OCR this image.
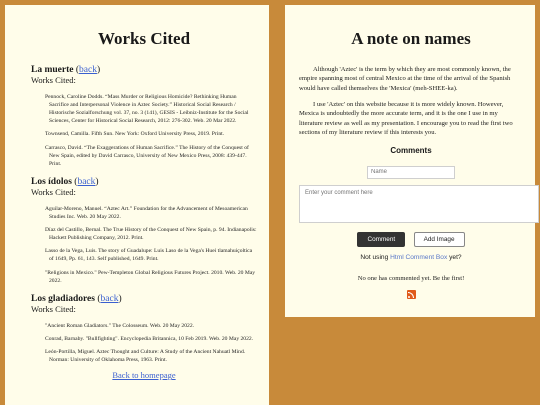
Works Cited
La muerte (back)
Works Cited:

Pennock, Caroline Dodds. “Mass Murder or Religious Homicide? Rethinking Human Sacrifice and Interpersonal Violence in Aztec Society.” Historical Social Research / Historische Sozialforschung vol. 37, no. 3 (141), GESIS - Leibniz-Institute for the Social Sciences, Center for Historical Social Research, 2012: 276-302. Web. 20 Mar 2022.

Townsend, Camilla. Fifth Sun. New York: Oxford University Press, 2019. Print.

Carrasco, David. “The Exaggerations of Human Sacrifice.” The History of the Conquest of New Spain, edited by David Carrasco, University of New Mexico Press, 2008: 439-447. Print.

Los ídolos (back)
Works Cited:

Aguilar-Moreno, Manuel. “Aztec Art.” Foundation for the Advancement of Mesoamerican Studies Inc. Web. 20 May 2022.

Díaz del Castillo, Bernal. The True History of the Conquest of New Spain, p. 94. Indianapolis: Hackett Publishing Company, 2012. Print.

Lasso de la Vega, Luis. The story of Guadalupe: Luis Laso de la Vega's Huei tlamahuiçoltica of 1649, Pp. 61, 143. Self published, 1649. Print.

"Religions in Mexico." Pew-Templeton Global Religious Futures Project. 2010. Web. 20 May 2022.

Los gladiadores (back)
Works Cited:

"Ancient Roman Gladiators." The Colosseum. Web. 20 May 2022.

Conrad, Barnaby. "Bullfighting". Encyclopedia Britannica, 10 Feb 2019. Web. 20 May 2022.

León-Portilla, Miguel. Aztec Thought and Culture: A Study of the Ancient Nahuatl Mind. Norman: University of Oklahoma Press, 1963. Print.

Back to homepage
A note on names

Although 'Aztec' is the term by which they are most commonly known, the empire spanning most of central Mexico at the time of the arrival of the Spanish would have called themselves the 'Mexica' (meh-SHEE-ka).

I use 'Aztec' on this website because it is more widely known. However, Mexica is undoubtedly the more accurate term, and it is the one I use in my literature review as well as my presentation. I encourage you to read the first two sections of my literature review if this interests you.

Comments
Name
Enter your comment here
Comment	Add Image
Not using Html Comment Box yet?
No one has commented yet. Be the first!
